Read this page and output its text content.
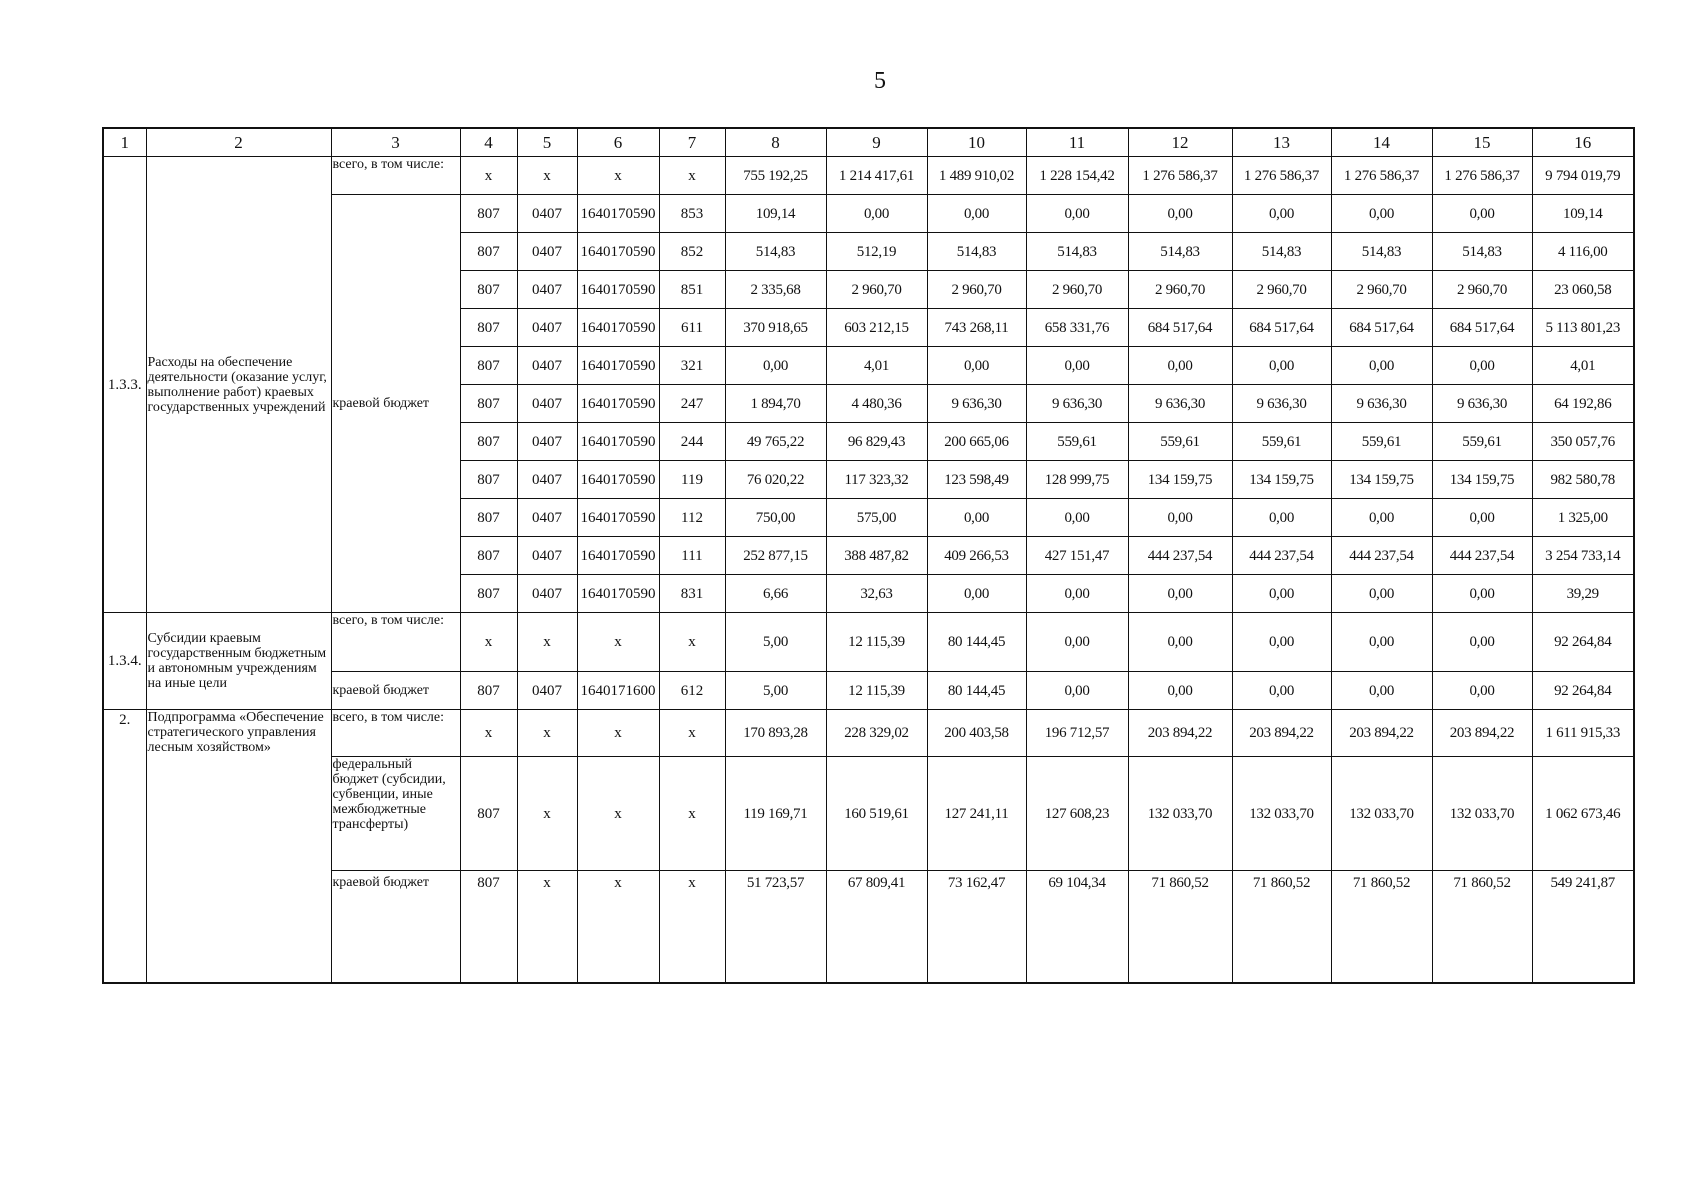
5
1	2	3	4	5	6	7	8	9	10	11	12	13	14	15	16
1.3.3.	Расходы на обеспечение деятельности (оказание услуг, выполнение работ) краевых государственных учреждений	всего, в том числе:	x	x	x	x	755 192,25	1 214 417,61	1 489 910,02	1 228 154,42	1 276 586,37	1 276 586,37	1 276 586,37	1 276 586,37	9 794 019,79
		краевой бюджет	807	0407	1640170590	853	109,14	0,00	0,00	0,00	0,00	0,00	0,00	0,00	109,14
			807	0407	1640170590	852	514,83	512,19	514,83	514,83	514,83	514,83	514,83	514,83	4 116,00
			807	0407	1640170590	851	2 335,68	2 960,70	2 960,70	2 960,70	2 960,70	2 960,70	2 960,70	2 960,70	23 060,58
			807	0407	1640170590	611	370 918,65	603 212,15	743 268,11	658 331,76	684 517,64	684 517,64	684 517,64	684 517,64	5 113 801,23
			807	0407	1640170590	321	0,00	4,01	0,00	0,00	0,00	0,00	0,00	0,00	4,01
			807	0407	1640170590	247	1 894,70	4 480,36	9 636,30	9 636,30	9 636,30	9 636,30	9 636,30	9 636,30	64 192,86
			807	0407	1640170590	244	49 765,22	96 829,43	200 665,06	559,61	559,61	559,61	559,61	559,61	350 057,76
			807	0407	1640170590	119	76 020,22	117 323,32	123 598,49	128 999,75	134 159,75	134 159,75	134 159,75	134 159,75	982 580,78
			807	0407	1640170590	112	750,00	575,00	0,00	0,00	0,00	0,00	0,00	0,00	1 325,00
			807	0407	1640170590	111	252 877,15	388 487,82	409 266,53	427 151,47	444 237,54	444 237,54	444 237,54	444 237,54	3 254 733,14
			807	0407	1640170590	831	6,66	32,63	0,00	0,00	0,00	0,00	0,00	0,00	39,29
1.3.4.	Субсидии краевым государственным бюджетным и автономным учреждениям на иные цели	всего, в том числе:	x	x	x	x	5,00	12 115,39	80 144,45	0,00	0,00	0,00	0,00	0,00	92 264,84
		краевой бюджет	807	0407	1640171600	612	5,00	12 115,39	80 144,45	0,00	0,00	0,00	0,00	0,00	92 264,84
2.	Подпрограмма «Обеспечение стратегического управления лесным хозяйством»	всего, в том числе:	x	x	x	x	170 893,28	228 329,02	200 403,58	196 712,57	203 894,22	203 894,22	203 894,22	203 894,22	1 611 915,33
		федеральный бюджет (субсидии, субвенции, иные межбюджетные трансферты)	807	x	x	x	119 169,71	160 519,61	127 241,11	127 608,23	132 033,70	132 033,70	132 033,70	132 033,70	1 062 673,46
		краевой бюджет	807	x	x	x	51 723,57	67 809,41	73 162,47	69 104,34	71 860,52	71 860,52	71 860,52	71 860,52	549 241,87
